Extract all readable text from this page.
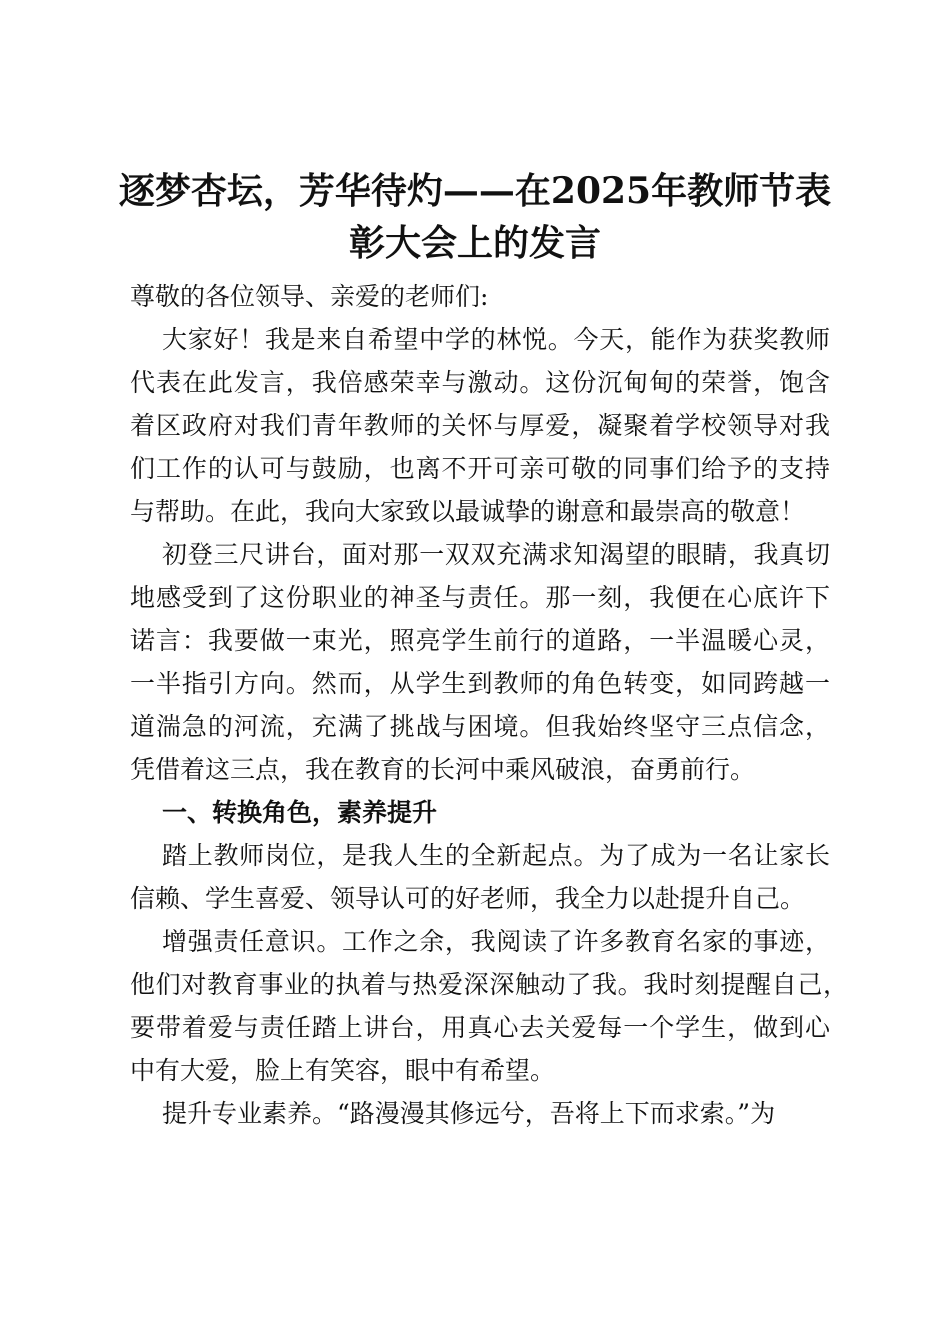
逐梦杏坛，芳华待灼——在2025年教师节表
彰大会上的发言
尊敬的各位领导、亲爱的老师们:
大家好！我是来自希望中学的林悦。今天，能作为获奖教师
代表在此发言，我倍感荣幸与激动。这份沉甸甸的荣誉，饱含
着区政府对我们青年教师的关怀与厚爱，凝聚着学校领导对我
们工作的认可与鼓励，也离不开可亲可敬的同事们给予的支持
与帮助。在此，我向大家致以最诚挚的谢意和最崇高的敬意！
初登三尺讲台，面对那一双双充满求知渴望的眼睛，我真切
地感受到了这份职业的神圣与责任。那一刻，我便在心底许下
诺言：我要做一束光，照亮学生前行的道路，一半温暖心灵，
一半指引方向。然而，从学生到教师的角色转变，如同跨越一
道湍急的河流，充满了挑战与困境。但我始终坚守三点信念，
凭借着这三点，我在教育的长河中乘风破浪，奋勇前行。
一、转换角色，素养提升
踏上教师岗位，是我人生的全新起点。为了成为一名让家长
信赖、学生喜爱、领导认可的好老师，我全力以赴提升自己。
增强责任意识。工作之余，我阅读了许多教育名家的事迹，
他们对教育事业的执着与热爱深深触动了我。我时刻提醒自己，
要带着爱与责任踏上讲台，用真心去关爱每一个学生，做到心
中有大爱，脸上有笑容，眼中有希望。
提升专业素养。“路漫漫其修远兮，吾将上下而求索。”为
